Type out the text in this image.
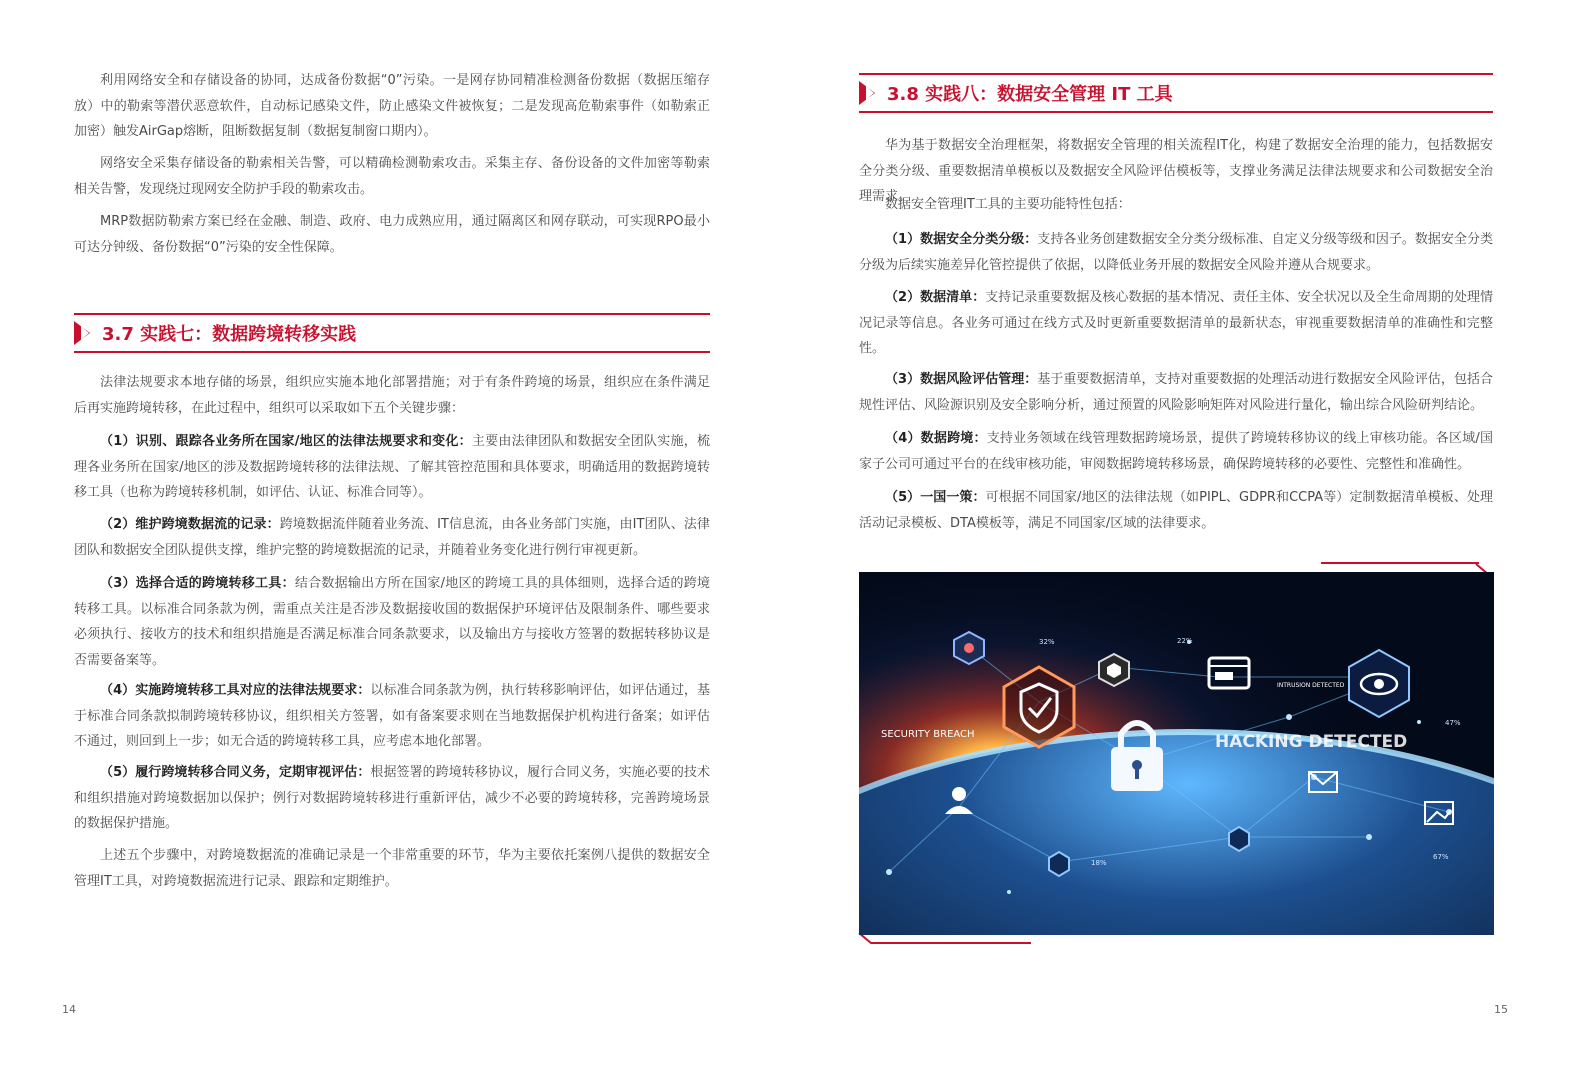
利用网络安全和存储设备的协同，达成备份数据“0”污染。一是网存协同精准检测备份数据（数据压缩存放）中的勒索等潜伏恶意软件，自动标记感染文件，防止感染文件被恢复；二是发现高危勒索事件（如勒索正加密）触发AirGap熔断，阻断数据复制（数据复制窗口期内）。

网络安全采集存储设备的勒索相关告警，可以精确检测勒索攻击。采集主存、备份设备的文件加密等勒索相关告警，发现绕过现网安全防护手段的勒索攻击。

MRP数据防勒索方案已经在金融、制造、政府、电力成熟应用，通过隔离区和网存联动，可实现RPO最小可达分钟级、备份数据“0”污染的安全性保障。

3.7 实践七：数据跨境转移实践

法律法规要求本地存储的场景，组织应实施本地化部署措施；对于有条件跨境的场景，组织应在条件满足后再实施跨境转移，在此过程中，组织可以采取如下五个关键步骤：

（1）识别、跟踪各业务所在国家/地区的法律法规要求和变化：主要由法律团队和数据安全团队实施，梳理各业务所在国家/地区的涉及数据跨境转移的法律法规、了解其管控范围和具体要求，明确适用的数据跨境转移工具（也称为跨境转移机制，如评估、认证、标准合同等）。

（2）维护跨境数据流的记录：跨境数据流伴随着业务流、IT信息流，由各业务部门实施，由IT团队、法律团队和数据安全团队提供支撑，维护完整的跨境数据流的记录，并随着业务变化进行例行审视更新。

（3）选择合适的跨境转移工具：结合数据输出方所在国家/地区的跨境工具的具体细则，选择合适的跨境转移工具。以标准合同条款为例，需重点关注是否涉及数据接收国的数据保护环境评估及限制条件、哪些要求必须执行、接收方的技术和组织措施是否满足标准合同条款要求，以及输出方与接收方签署的数据转移协议是否需要备案等。

（4）实施跨境转移工具对应的法律法规要求：以标准合同条款为例，执行转移影响评估，如评估通过，基于标准合同条款拟制跨境转移协议，组织相关方签署，如有备案要求则在当地数据保护机构进行备案；如评估不通过，则回到上一步；如无合适的跨境转移工具，应考虑本地化部署。

（5）履行跨境转移合同义务，定期审视评估：根据签署的跨境转移协议，履行合同义务，实施必要的技术和组织措施对跨境数据加以保护；例行对数据跨境转移进行重新评估，减少不必要的跨境转移，完善跨境场景的数据保护措施。

上述五个步骤中，对跨境数据流的准确记录是一个非常重要的环节，华为主要依托案例八提供的数据安全管理IT工具，对跨境数据流进行记录、跟踪和定期维护。

14
3.8 实践八：数据安全管理 IT 工具

华为基于数据安全治理框架，将数据安全管理的相关流程IT化，构建了数据安全治理的能力，包括数据安全分类分级、重要数据清单模板以及数据安全风险评估模板等，支撑业务满足法律法规要求和公司数据安全治理需求。

数据安全管理IT工具的主要功能特性包括：

（1）数据安全分类分级：支持各业务创建数据安全分类分级标准、自定义分级等级和因子。数据安全分类分级为后续实施差异化管控提供了依据，以降低业务开展的数据安全风险并遵从合规要求。

（2）数据清单：支持记录重要数据及核心数据的基本情况、责任主体、安全状况以及全生命周期的处理情况记录等信息。各业务可通过在线方式及时更新重要数据清单的最新状态，审视重要数据清单的准确性和完整性。

（3）数据风险评估管理：基于重要数据清单，支持对重要数据的处理活动进行数据安全风险评估，包括合规性评估、风险源识别及安全影响分析，通过预置的风险影响矩阵对风险进行量化，输出综合风险研判结论。

（4）数据跨境：支持业务领域在线管理数据跨境场景，提供了跨境转移协议的线上审核功能。各区域/国家子公司可通过平台的在线审核功能，审阅数据跨境转移场景，确保跨境转移的必要性、完整性和准确性。

（5）一国一策：可根据不同国家/地区的法律法规（如PIPL、GDPR和CCPA等）定制数据清单模板、处理活动记录模板、DTA模板等，满足不同国家/区域的法律要求。

SECURITY BREACH	HACKING DETECTED
INTRUSION DETECTED
32%	22%
47%
18%
67%
15
